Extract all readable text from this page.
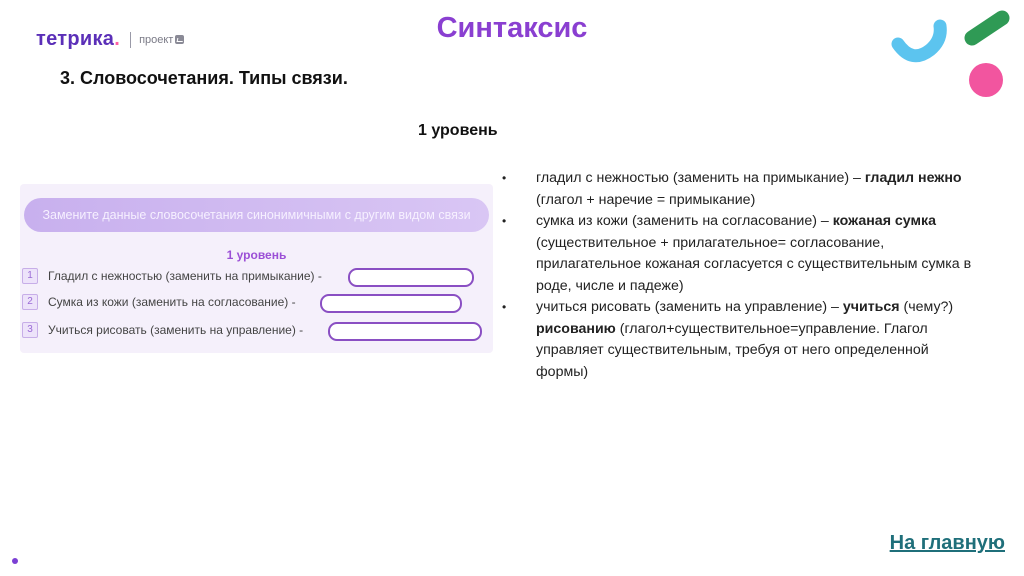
тетрика. проект	Синтаксис
3. Словосочетания. Типы связи.
1 уровень
Замените данные словосочетания синонимичными с другим видом связи
1 уровень
1	Гладил с нежностью (заменить на примыкание) -
2	Сумка из кожи (заменить на согласование) -
3	Учиться рисовать (заменить на управление) -
• гладил с нежностью (заменить на примыкание) – гладил нежно (глагол + наречие = примыкание)
• сумка из кожи (заменить на согласование) – кожаная сумка (существительное + прилагательное= согласование, прилагательное кожаная согласуется с существительным сумка в роде, числе и падеже)
• учиться рисовать (заменить на управление) – учиться (чему?) рисованию (глагол+существительное=управление. Глагол управляет существительным, требуя от него определенной формы)
На главную
